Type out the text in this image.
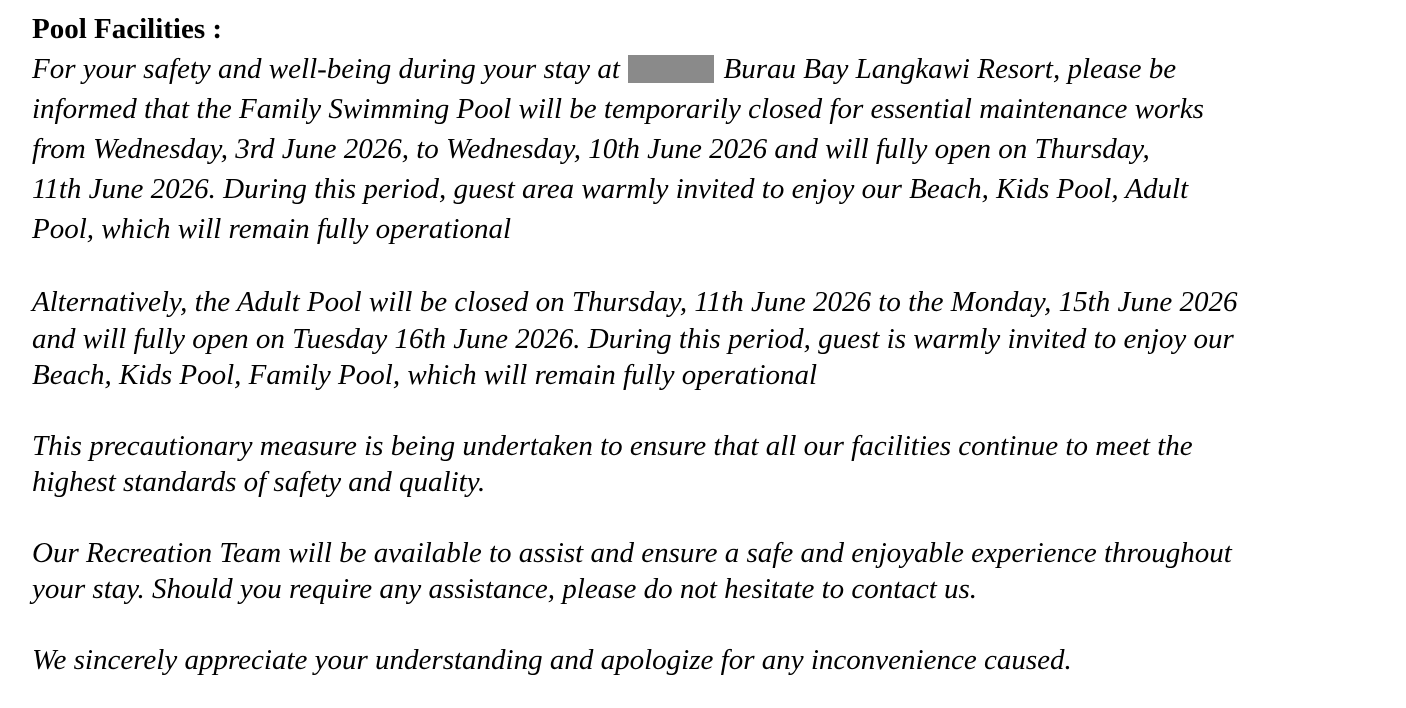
Pool Facilities :
For your safety and well-being during your stay at	Burau Bay Langkawi Resort, please be
informed that the Family Swimming Pool will be temporarily closed for essential maintenance works
from Wednesday, 3rd June 2026, to Wednesday, 10th June 2026 and will fully open on Thursday,
11th June 2026. During this period, guest area warmly invited to enjoy our Beach, Kids Pool, Adult
Pool, which will remain fully operational
Alternatively, the Adult Pool will be closed on Thursday, 11th June 2026 to the Monday, 15th June 2026
and will fully open on Tuesday 16th June 2026. During this period, guest is warmly invited to enjoy our
Beach, Kids Pool, Family Pool, which will remain fully operational
This precautionary measure is being undertaken to ensure that all our facilities continue to meet the
highest standards of safety and quality.
Our Recreation Team will be available to assist and ensure a safe and enjoyable experience throughout
your stay. Should you require any assistance, please do not hesitate to contact us.
We sincerely appreciate your understanding and apologize for any inconvenience caused.
